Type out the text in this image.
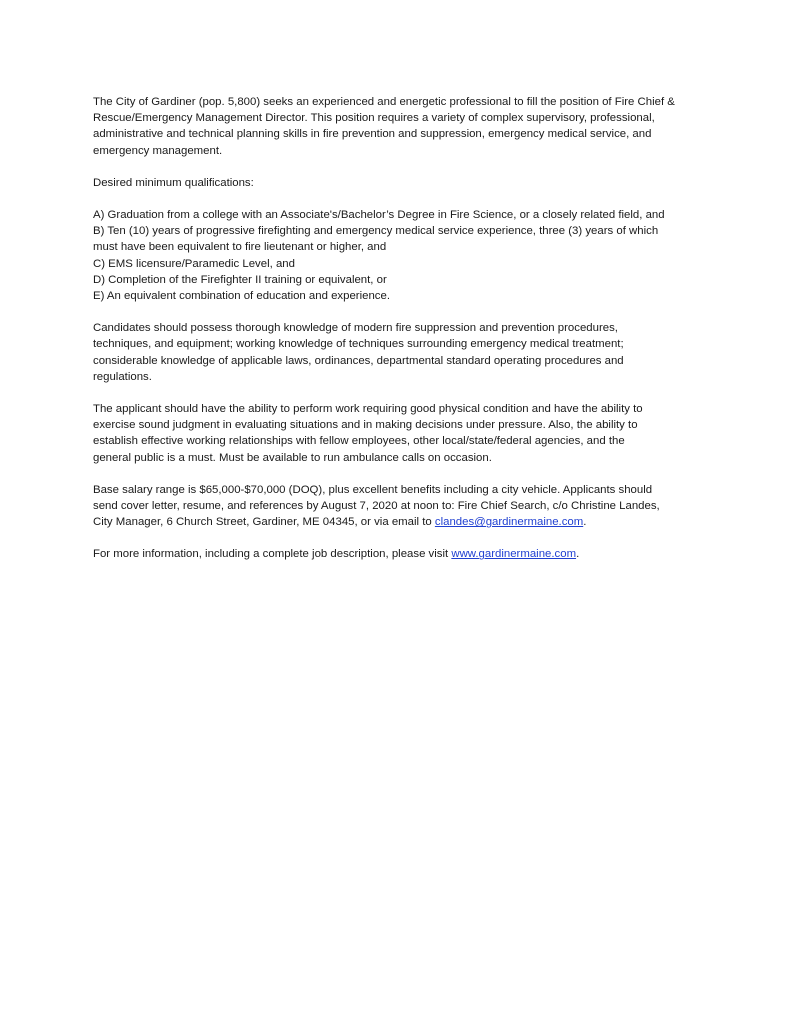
The City of Gardiner (pop. 5,800) seeks an experienced and energetic professional to fill the position of Fire Chief &
Rescue/Emergency Management Director. This position requires a variety of complex supervisory, professional,
administrative and technical planning skills in fire prevention and suppression, emergency medical service, and
emergency management.

Desired minimum qualifications:

A) Graduation from a college with an Associate's/Bachelor’s Degree in Fire Science, or a closely related field, and
B) Ten (10) years of progressive firefighting and emergency medical service experience, three (3) years of which
must have been equivalent to fire lieutenant or higher, and
C) EMS licensure/Paramedic Level, and
D) Completion of the Firefighter II training or equivalent, or
E) An equivalent combination of education and experience.

Candidates should possess thorough knowledge of modern fire suppression and prevention procedures,
techniques, and equipment; working knowledge of techniques surrounding emergency medical treatment;
considerable knowledge of applicable laws, ordinances, departmental standard operating procedures and
regulations.

The applicant should have the ability to perform work requiring good physical condition and have the ability to
exercise sound judgment in evaluating situations and in making decisions under pressure. Also, the ability to
establish effective working relationships with fellow employees, other local/state/federal agencies, and the
general public is a must. Must be available to run ambulance calls on occasion.

Base salary range is $65,000-$70,000 (DOQ), plus excellent benefits including a city vehicle. Applicants should
send cover letter, resume, and references by August 7, 2020 at noon to: Fire Chief Search, c/o Christine Landes,
City Manager, 6 Church Street, Gardiner, ME 04345, or via email to clandes@gardinermaine.com.

For more information, including a complete job description, please visit www.gardinermaine.com.
